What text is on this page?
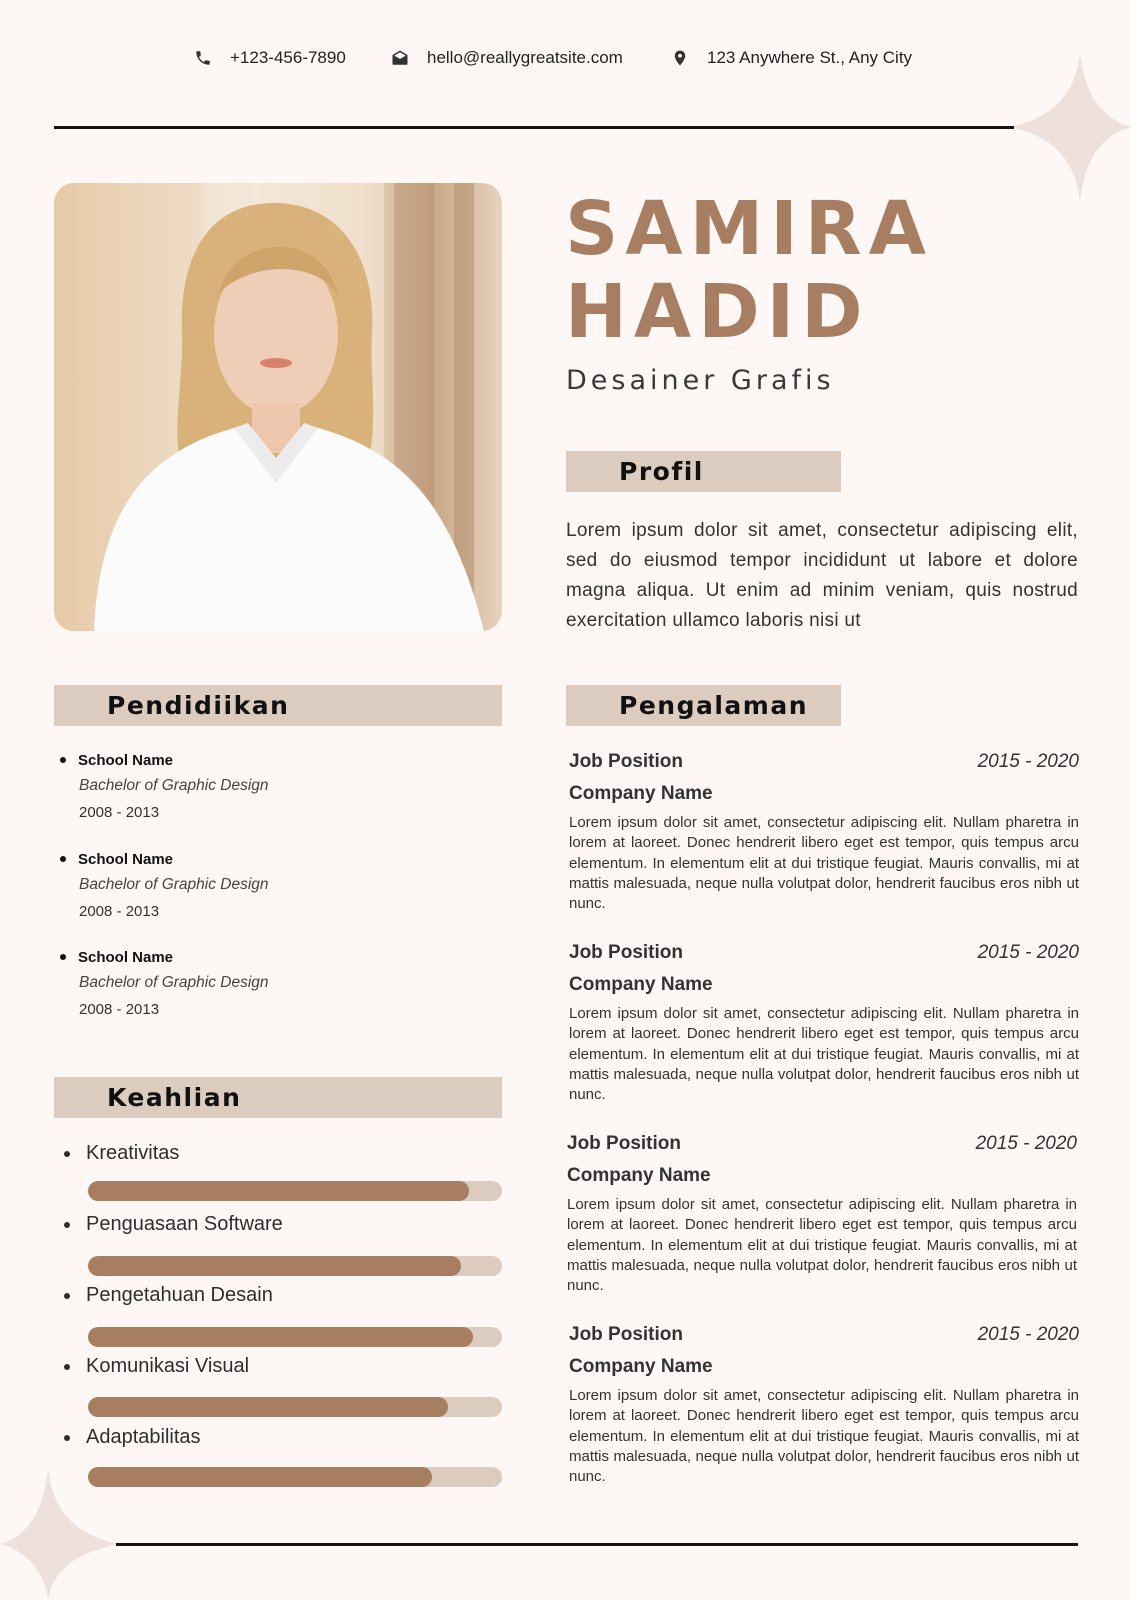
+123-456-7890	hello@reallygreatsite.com	123 Anywhere St., Any City
SAMIRA
HADID
Desainer Grafis
Profil
Lorem ipsum dolor sit amet, consectetur adipiscing elit, sed do eiusmod tempor incididunt ut labore et dolore magna aliqua. Ut enim ad minim veniam, quis nostrud exercitation ullamco laboris nisi ut
Pendidiikan
School Name
Bachelor of Graphic Design
2008 - 2013
School Name
Bachelor of Graphic Design
2008 - 2013
School Name
Bachelor of Graphic Design
2008 - 2013
Keahlian
Kreativitas
Penguasaan Software
Pengetahuan Desain
Komunikasi Visual
Adaptabilitas
Pengalaman
Job Position	2015 - 2020
Company Name
Lorem ipsum dolor sit amet, consectetur adipiscing elit. Nullam pharetra in lorem at laoreet. Donec hendrerit libero eget est tempor, quis tempus arcu elementum. In elementum elit at dui tristique feugiat. Mauris convallis, mi at mattis malesuada, neque nulla volutpat dolor, hendrerit faucibus eros nibh ut nunc.
Job Position	2015 - 2020
Company Name
Lorem ipsum dolor sit amet, consectetur adipiscing elit. Nullam pharetra in lorem at laoreet. Donec hendrerit libero eget est tempor, quis tempus arcu elementum. In elementum elit at dui tristique feugiat. Mauris convallis, mi at mattis malesuada, neque nulla volutpat dolor, hendrerit faucibus eros nibh ut nunc.
Job Position	2015 - 2020
Company Name
Lorem ipsum dolor sit amet, consectetur adipiscing elit. Nullam pharetra in lorem at laoreet. Donec hendrerit libero eget est tempor, quis tempus arcu elementum. In elementum elit at dui tristique feugiat. Mauris convallis, mi at mattis malesuada, neque nulla volutpat dolor, hendrerit faucibus eros nibh ut nunc.
Job Position	2015 - 2020
Company Name
Lorem ipsum dolor sit amet, consectetur adipiscing elit. Nullam pharetra in lorem at laoreet. Donec hendrerit libero eget est tempor, quis tempus arcu elementum. In elementum elit at dui tristique feugiat. Mauris convallis, mi at mattis malesuada, neque nulla volutpat dolor, hendrerit faucibus eros nibh ut nunc.
